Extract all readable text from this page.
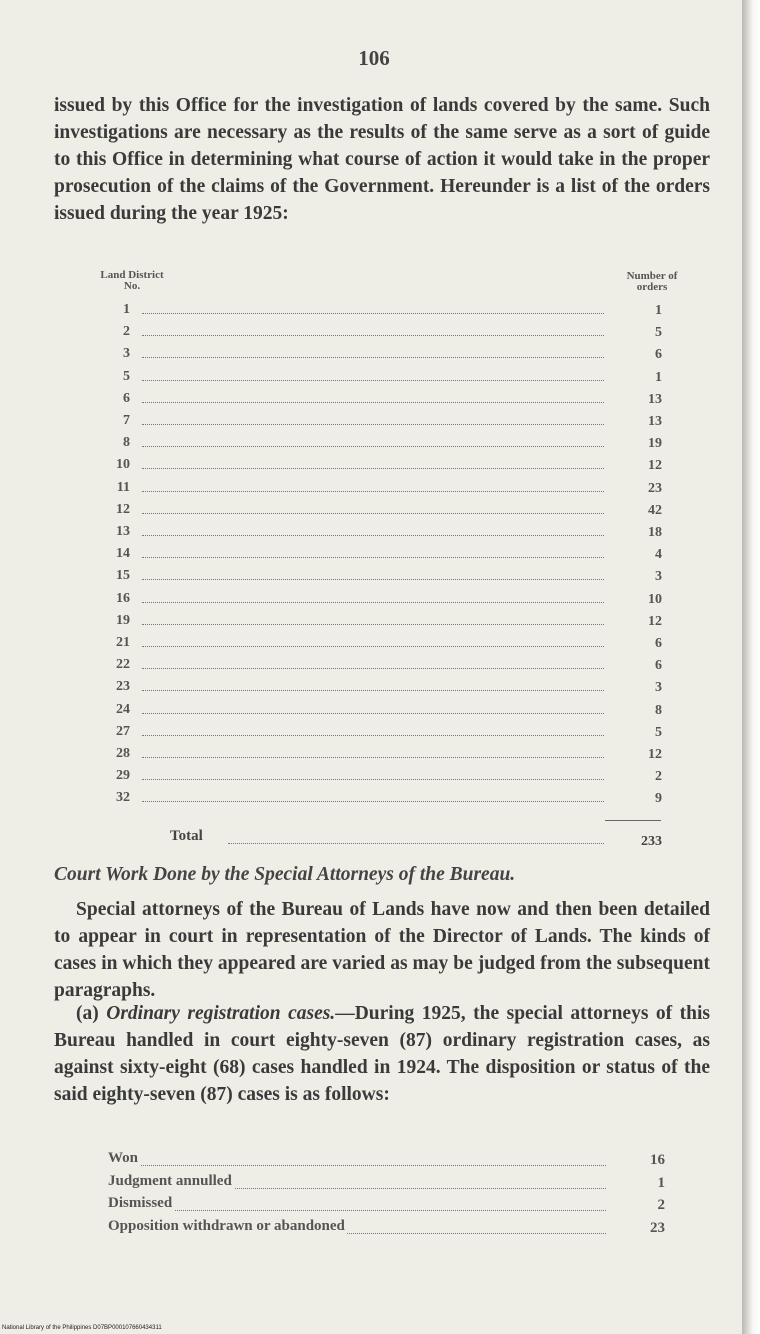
106

issued by this Office for the investigation of lands covered by the same. Such investigations are necessary as the results of the same serve as a sort of guide to this Office in determining what course of action it would take in the proper prosecution of the claims of the Government. Hereunder is a list of the orders issued during the year 1925:

Land District
No.
Number of
orders
1	1
2	5
3	6
5	1
6	13
7	13
8	19
10	12
11	23
12	42
13	18
14	4
15	3
16	10
19	12
21	6
22	6
23	3
24	8
27	5
28	12
29	2
32	9
Total	233
Court Work Done by the Special Attorneys of the Bureau.

Special attorneys of the Bureau of Lands have now and then been detailed to appear in court in representation of the Director of Lands. The kinds of cases in which they appeared are varied as may be judged from the subsequent paragraphs.

(a) Ordinary registration cases.—During 1925, the special attorneys of this Bureau handled in court eighty-seven (87) ordinary registration cases, as against sixty-eight (68) cases handled in 1924. The disposition or status of the said eighty-seven (87) cases is as follows:

Won	16
Judgment annulled	1
Dismissed	2
Opposition withdrawn or abandoned	23
National Library of the Philippines D07BP000107660434311
